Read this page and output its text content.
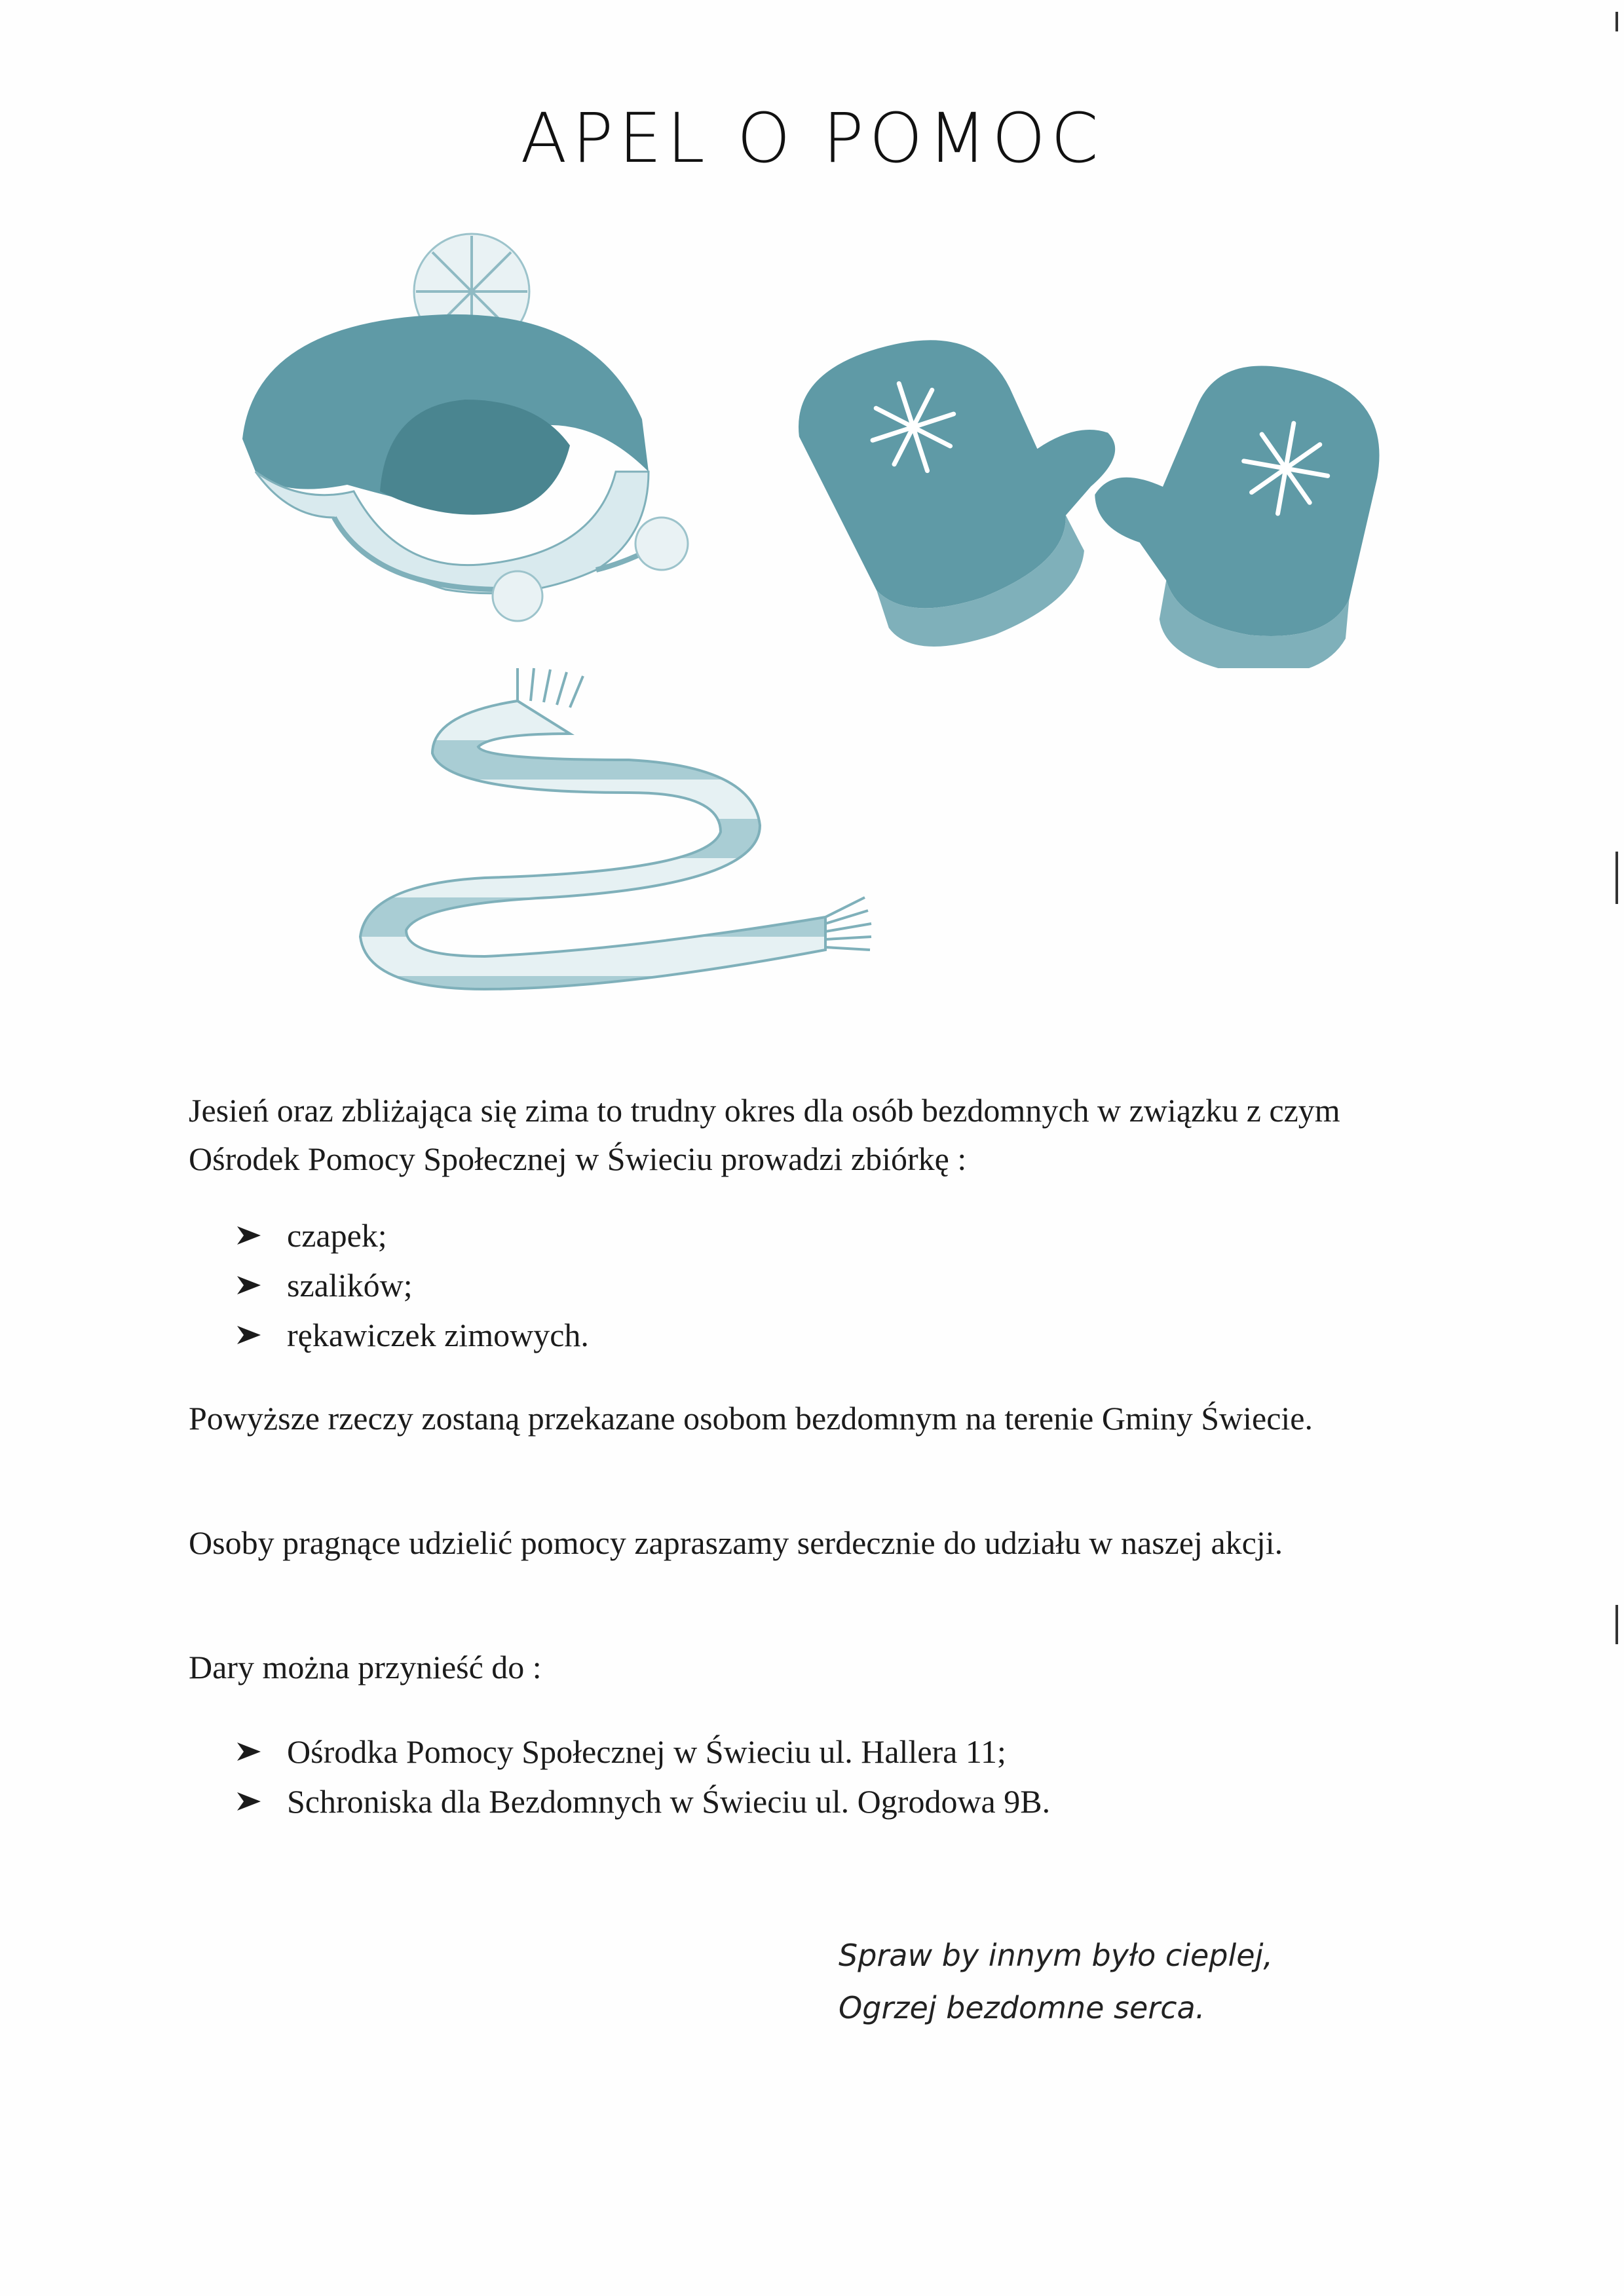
APEL O POMOC

Jesień oraz zbliżająca się zima to trudny okres dla osób bezdomnych w związku z czym Ośrodek Pomocy Społecznej w Świeciu prowadzi zbiórkę :

czapek;
szalików;
rękawiczek zimowych.

Powyższe rzeczy zostaną przekazane osobom bezdomnym na terenie Gminy Świecie.

Osoby pragnące udzielić pomocy zapraszamy serdecznie do udziału w naszej akcji.

Dary można przynieść do :

Ośrodka Pomocy Społecznej w Świeciu ul. Hallera 11;
Schroniska dla Bezdomnych w Świeciu ul. Ogrodowa 9B.

Spraw by innym było cieplej,

Ogrzej bezdomne serca.
